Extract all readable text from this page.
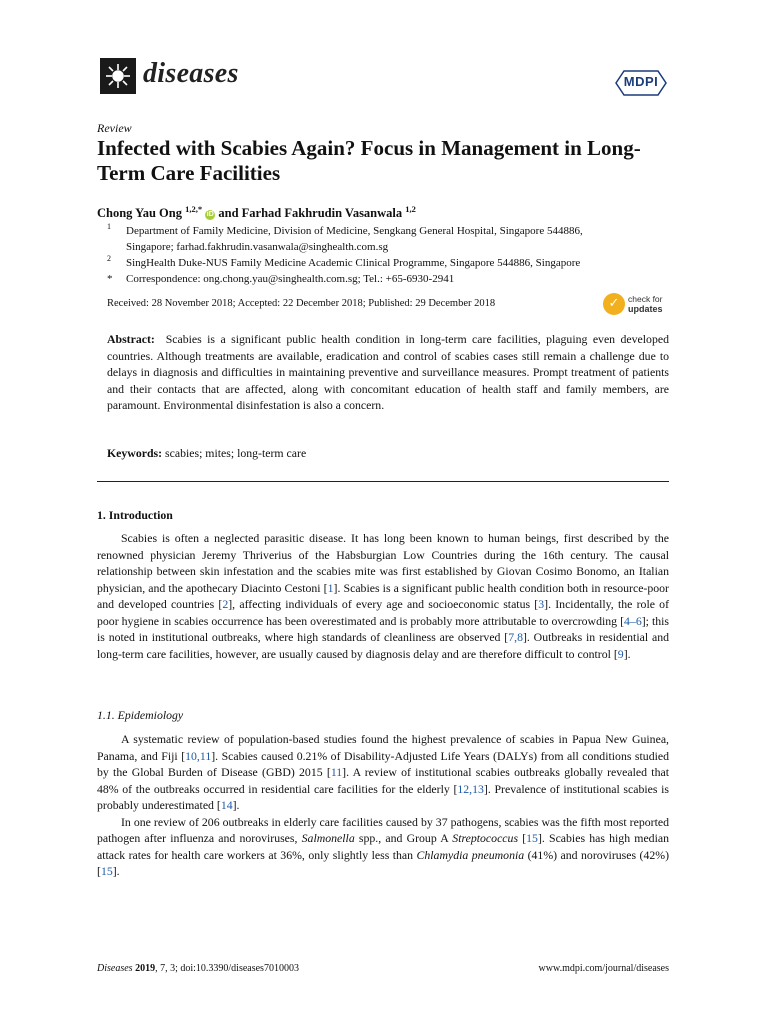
diseases	MDPI
Review
Infected with Scabies Again? Focus in Management in Long-Term Care Facilities
Chong Yau Ong $^{1,2,*}$ iD and Farhad Fakhrudin Vasanwala $^{1,2}$
1 Department of Family Medicine, Division of Medicine, Sengkang General Hospital, Singapore 544886,
Singapore; farhad.fakhrudin.vasanwala@singhealth.com.sg
2 SingHealth Duke-NUS Family Medicine Academic Clinical Programme, Singapore 544886, Singapore
* Correspondence: ong.chong.yau@singhealth.com.sg; Tel.: +65-6930-2941
Received: 28 November 2018; Accepted: 22 December 2018; Published: 29 December 2018	✓	check for
updates
Abstract: Scabies is a significant public health condition in long-term care facilities, plaguing even developed countries. Although treatments are available, eradication and control of scabies cases still remain a challenge due to delays in diagnosis and difficulties in maintaining preventive and surveillance measures. Prompt treatment of patients and their contacts that are affected, along with concomitant education of health staff and family members, are paramount. Environmental disinfestation is also a concern.
Keywords: scabies; mites; long-term care
1. Introduction

Scabies is often a neglected parasitic disease. It has long been known to human beings, first described by the renowned physician Jeremy Thriverius of the Habsburgian Low Countries during the 16th century. The causal relationship between skin infestation and the scabies mite was first established by Giovan Cosimo Bonomo, an Italian physician, and the apothecary Diacinto Cestoni [1]. Scabies is a significant public health condition both in resource-poor and developed countries [2], affecting individuals of every age and socioeconomic status [3]. Incidentally, the role of poor hygiene in scabies occurrence has been overestimated and is probably more attributable to overcrowding [4–6]; this is noted in institutional outbreaks, where high standards of cleanliness are observed [7,8]. Outbreaks in residential and long-term care facilities, however, are usually caused by diagnosis delay and are therefore difficult to control [9].

1.1. Epidemiology

A systematic review of population-based studies found the highest prevalence of scabies in Papua New Guinea, Panama, and Fiji [10,11]. Scabies caused 0.21% of Disability-Adjusted Life Years (DALYs) from all conditions studied by the Global Burden of Disease (GBD) 2015 [11]. A review of institutional scabies outbreaks globally revealed that 48% of the outbreaks occurred in residential care facilities for the elderly [12,13]. Prevalence of institutional scabies is probably underestimated [14].

In one review of 206 outbreaks in elderly care facilities caused by 37 pathogens, scabies was the fifth most reported pathogen after influenza and noroviruses, Salmonella spp., and Group A Streptococcus [15]. Scabies has high median attack rates for health care workers at 36%, only slightly less than Chlamydia pneumonia (41%) and noroviruses (42%) [15].

Diseases 2019, 7, 3; doi:10.3390/diseases7010003	www.mdpi.com/journal/diseases
